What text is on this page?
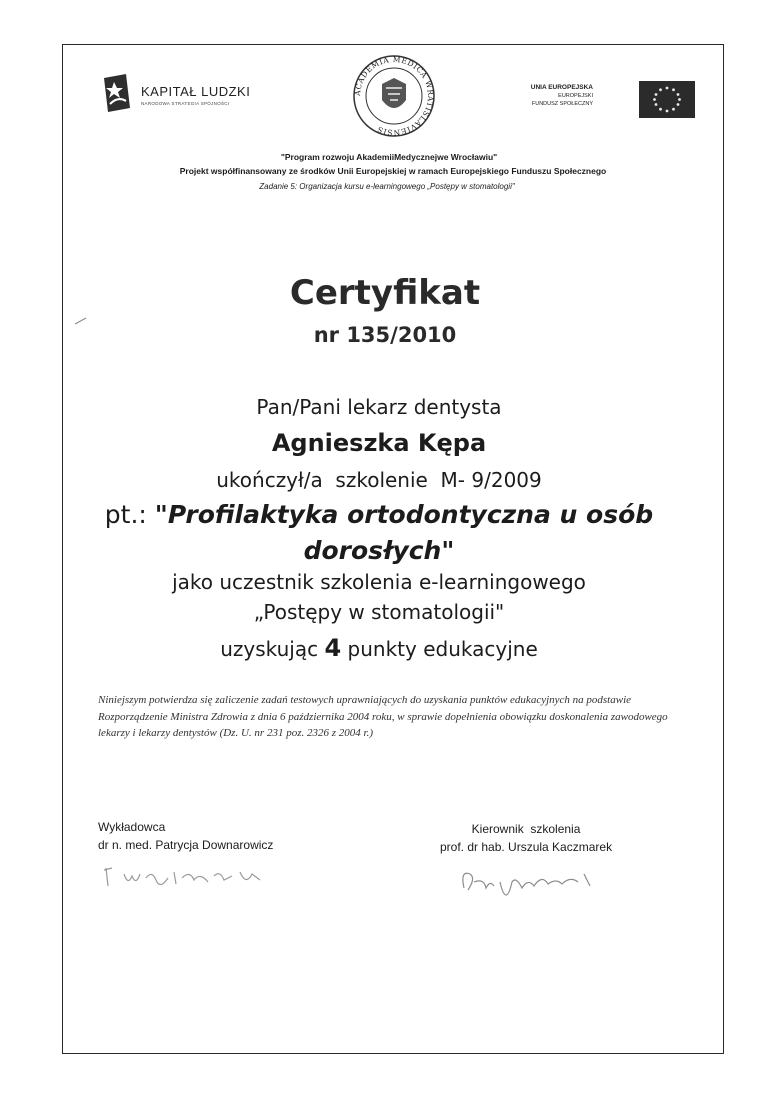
KAPITAŁ LUDZKI
NARODOWA STRATEGIA SPÓJNOŚCI
ACADEMIA MEDICA WRATISLAVIENSIS
UNIA EUROPEJSKA
EUROPEJSKI
FUNDUSZ SPOŁECZNY
"Program rozwoju AkademiiMedycznejwe Wrocławiu"
Projekt współfinansowany ze środków Unii Europejskiej w ramach Europejskiego Funduszu Społecznego
Zadanie 5: Organizacja kursu e-learningowego „Postępy w stomatologii"
Certyfikat
nr 135/2010
Pan/Pani lekarz dentysta
Agnieszka Kępa
ukończył/a  szkolenie  M- 9/2009
pt.: "Profilaktyka ortodontyczna u osób
dorosłych"
jako uczestnik szkolenia e-learningowego
„Postępy w stomatologii"
uzyskując 4 punkty edukacyjne
Niniejszym potwierdza się zaliczenie zadań testowych uprawniających do uzyskania punktów edukacyjnych na podstawie Rozporządzenie Ministra Zdrowia z dnia 6 października 2004 roku, w sprawie dopełnienia obowiązku doskonalenia zawodowego lekarzy i lekarzy dentystów (Dz. U. nr 231 poz. 2326 z 2004 r.)
Wykładowca
dr n. med. Patrycja Downarowicz
Kierownik  szkolenia
prof. dr hab. Urszula Kaczmarek
